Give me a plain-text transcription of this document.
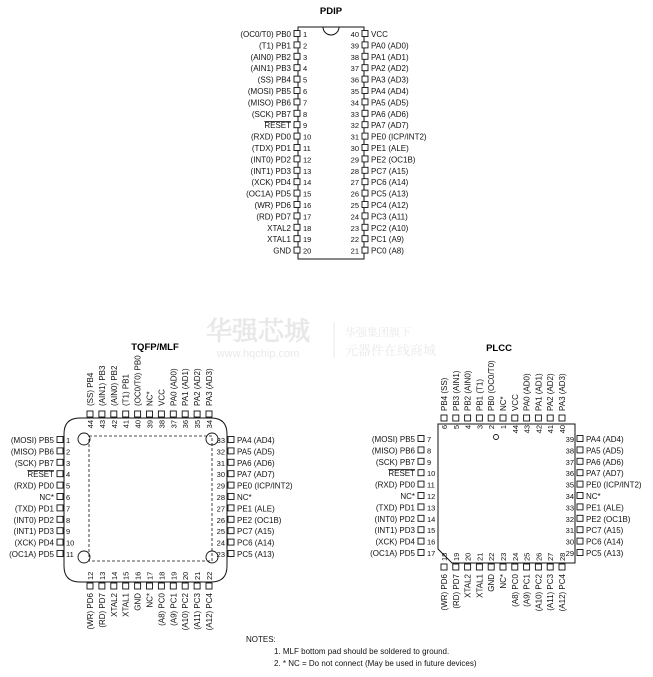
华强芯城
www.hqchip.com
华强集团旗下
元器件在线商城
PDIP
(OC0/T0) PB0 1
(T1) PB1 2
(AIN0) PB2 3
(AIN1) PB3 4
(SS) PB4 5
(MOSI) PB5 6
(MISO) PB6 7
(SCK) PB7 8
RESET 9
(RXD) PD0 10
(TDX) PD1 11
(INT0) PD2 12
(INT1) PD3 13
(XCK) PD4 14
(OC1A) PD5 15
(WR) PD6 16
(RD) PD7 17
XTAL2 18
XTAL1 19
GND 20
VCC
40
PA0 (AD0)
39
PA1 (AD1)
38
PA2 (AD2)
37
PA3 (AD3)
36
PA4 (AD4)
35
PA5 (AD5)
34
PA6 (AD6)
33
PA7 (AD7)
32
PE0 (ICP/INT2)
31
PE1 (ALE)
30
PE2 (OC1B)
29
PC7 (A15)
28
PC6 (A14)
27
PC5 (A13)
26
PC4 (A12)
25
PC3 (A11)
24
PC2 (A10)
23
PC1 (A9)
22
PC0 (A8)
21
TQFP/MLF
(MOSI) PB5 1
(MISO) PB6 2
(SCK) PB7 3
RESET 4
(RXD) PD0 5
NC* 6
(TXD) PD1 7
(INT0) PD2 8
(INT1) PD3 9
(XCK) PD4 10
(OC1A) PD5 11
PA4 (AD4)
33
PA5 (AD5)
32
PA6 (AD6)
31
PA7 (AD7)
30
PE0 (ICP/INT2)
29
NC*
28
PE1 (ALE)
27
PE2 (OC1B)
26
PC7 (A15)
25
PC6 (A14)
24
PC5 (A13)
23
(SS) PB4
44
(AIN1) PB3
43
(AIN0) PB2
42
(T1) PB1
41
(OC0/T0) PB0
40
NC*
39
VCC
38
PA0 (AD0)
37
PA1 (AD1)
36
PA2 (AD2)
35
PA3 (AD3)
34
(WR) PD6
12
(RD) PD7
13
XTAL2
14
XTAL1
15
GND
16
NC*
17
(A8) PC0
18
(A9) PC1
19
(A10) PC2
20
(A11) PC3
21
(A12) PC4
22
PLCC
(MOSI) PB5 7
(MISO) PB6 8
(SCK) PB7 9
RESET 10
(RXD) PD0 11
NC* 12
(TXD) PD1 13
(INT0) PD2 14
(INT1) PD3 15
(XCK) PD4 16
(OC1A) PD5 17
PA4 (AD4)
39
PA5 (AD5)
38
PA6 (AD6)
37
PA7 (AD7)
36
PE0 (ICP/INT2)
35
NC*
34
PE1 (ALE)
33
PE2 (OC1B)
32
PC7 (A15)
31
PC6 (A14)
30
PC5 (A13)
29
PB4 (SS)
6
PB3 (AIN1)
5
PB2 (AIN0)
4
PB1 (T1)
3
PB0 (OC0/T0)
2
NC*
1
VCC
44
PA0 (AD0)
43
PA1 (AD1)
42
PA2 (AD2)
41
PA3 (AD3)
40
(WR) PD6
18
(RD) PD7
19
XTAL2
20
XTAL1
21
GND
22
NC*
23
(A8) PC0
24
(A9) PC1
25
(A10) PC2
26
(A11) PC3
27
(A12) PC4
28
NOTES:
1. MLF bottom pad should be soldered to ground.
2. * NC = Do not connect (May be used in future devices)
